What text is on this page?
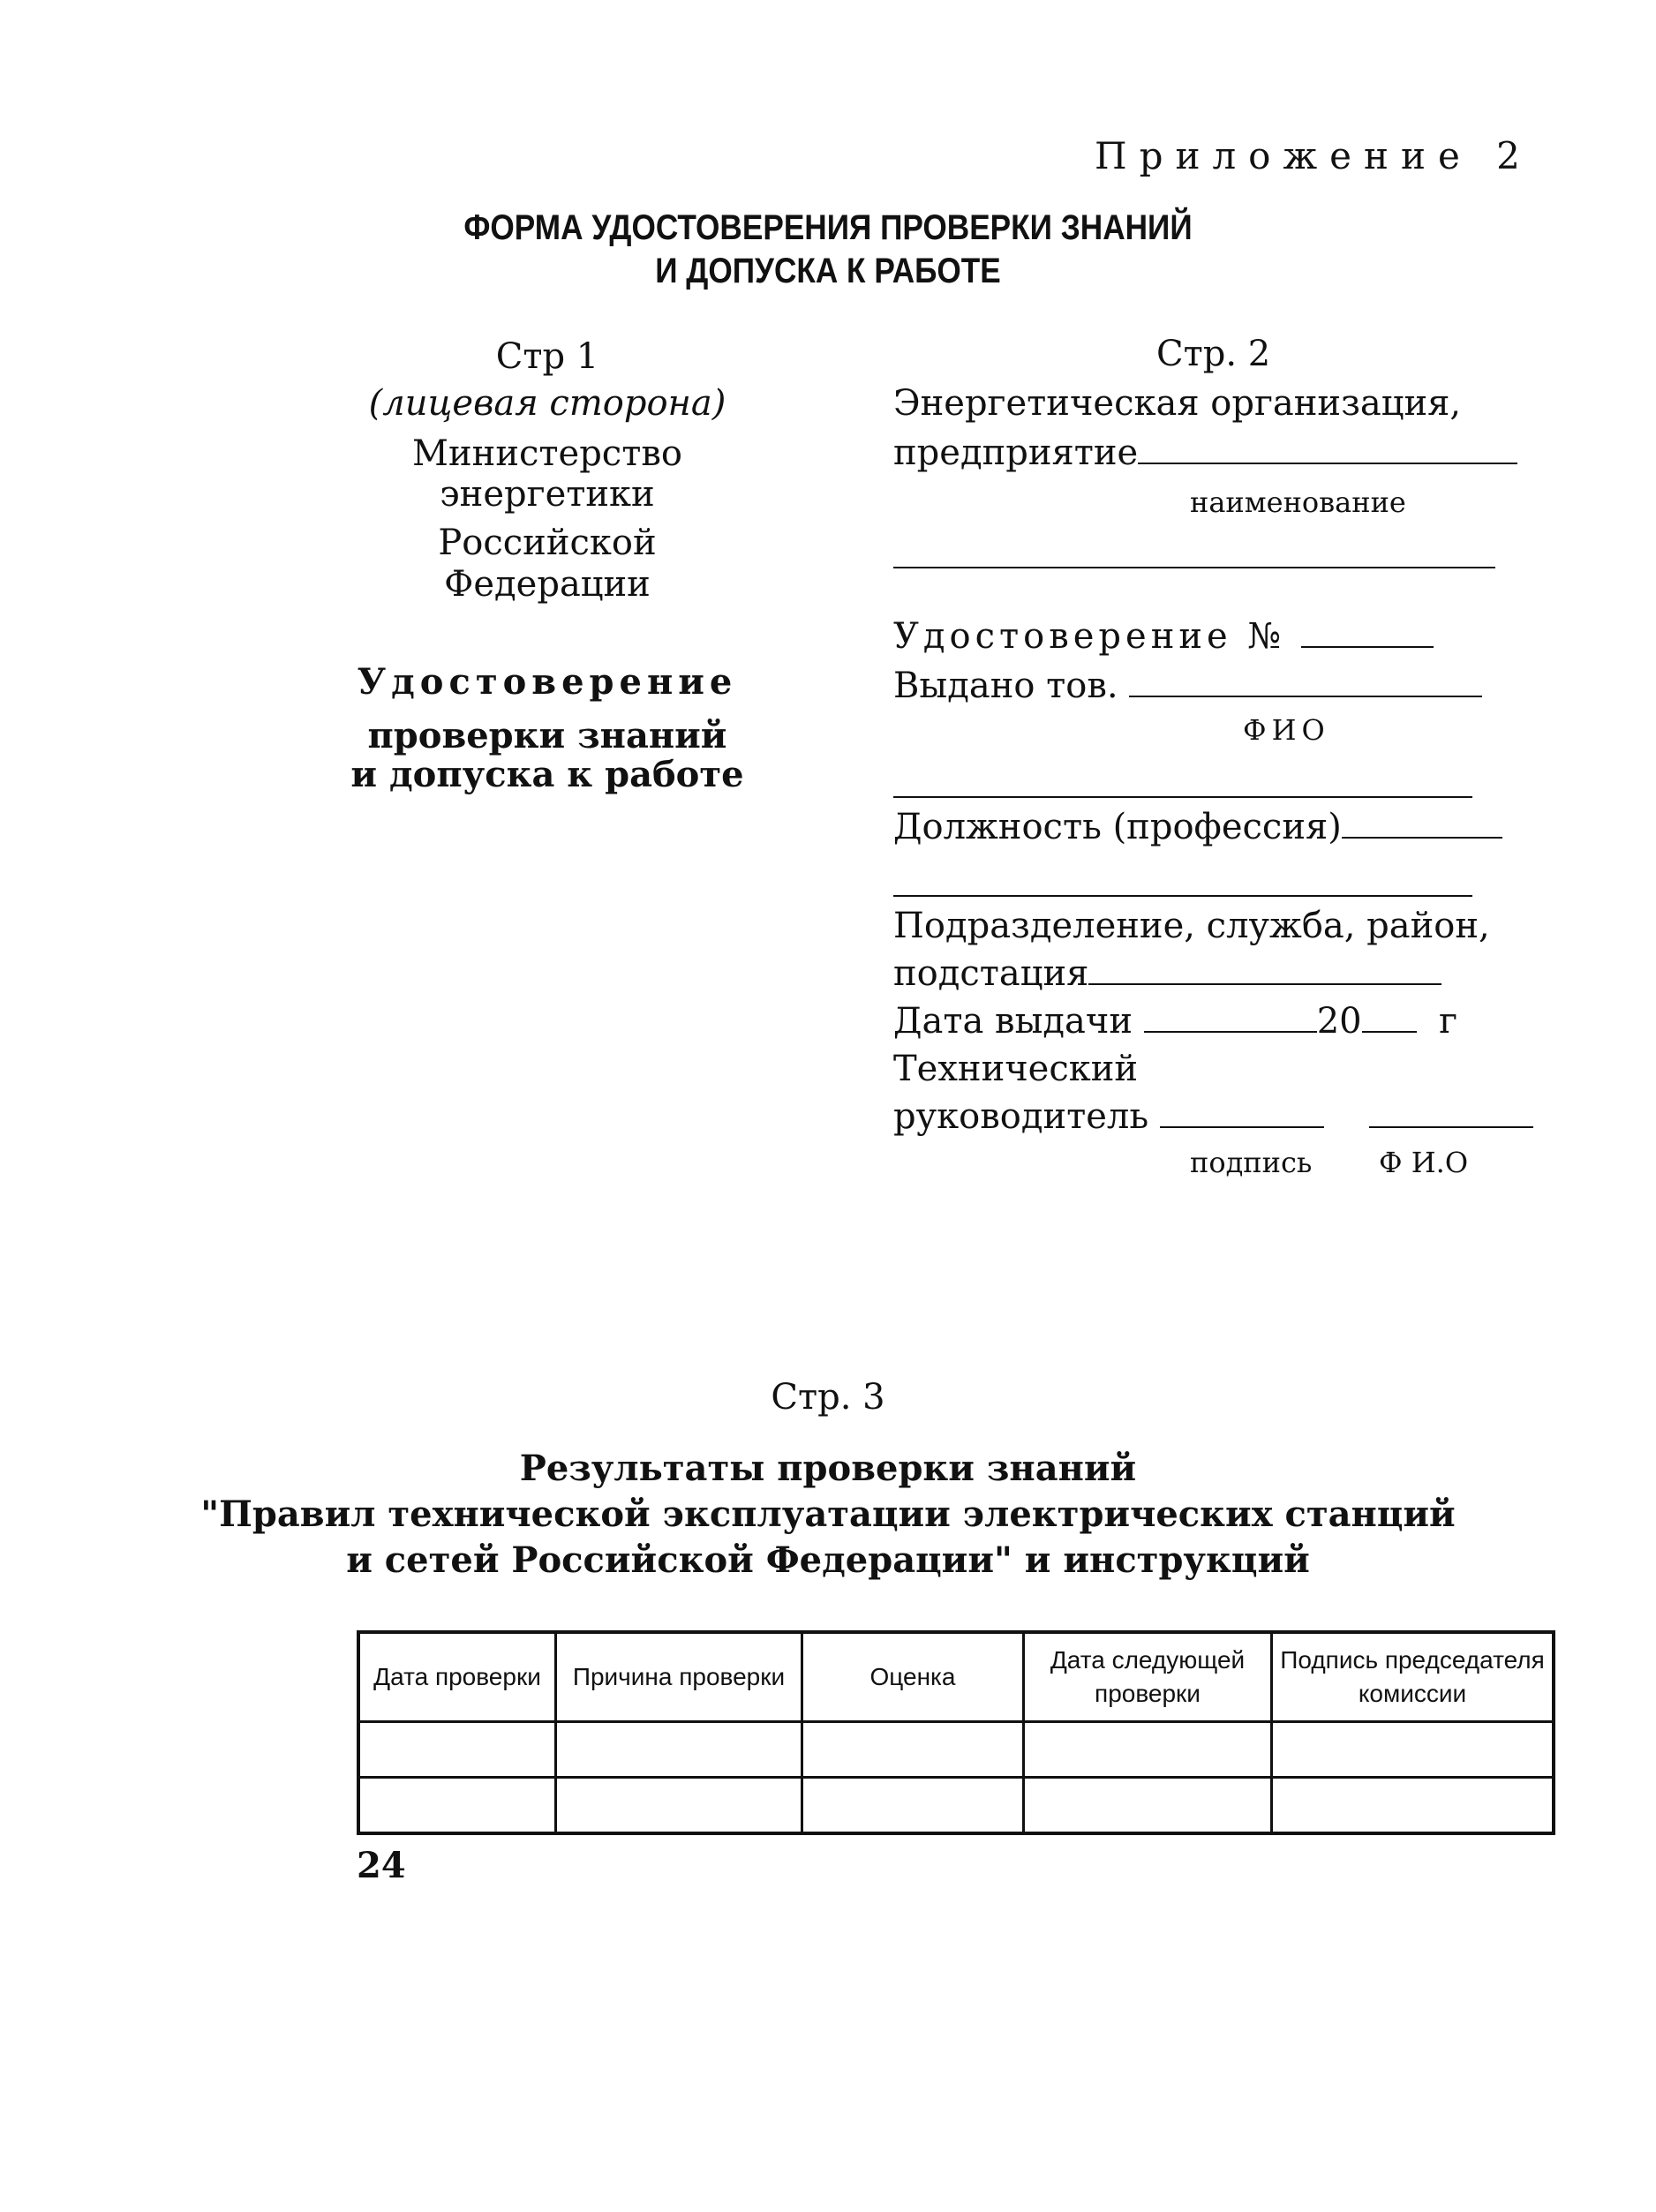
Приложение 2
ФОРМА УДОСТОВЕРЕНИЯ ПРОВЕРКИ ЗНАНИЙ
И ДОПУСКА К РАБОТЕ
Стр 1
(лицевая сторона)
Министерство
энергетики
Российской
Федерации
Удостоверение
проверки знаний
и допуска к работе
Стр. 2
Энергетическая организация,
предприятие
наименование
Удостоверение №
Выдано тов.
ФИО
Должность (профессия)
Подразделение, служба, район,
подстация
Дата выдачи	20 г
Технический
руководитель
подпись Ф И.О
Стр. 3
Результаты проверки знаний
"Правил технической эксплуатации электрических станций
и сетей Российской Федерации" и инструкций
Дата проверки	Причина проверки	Оценка	Дата следующей проверки	Подпись председателя комиссии

24
